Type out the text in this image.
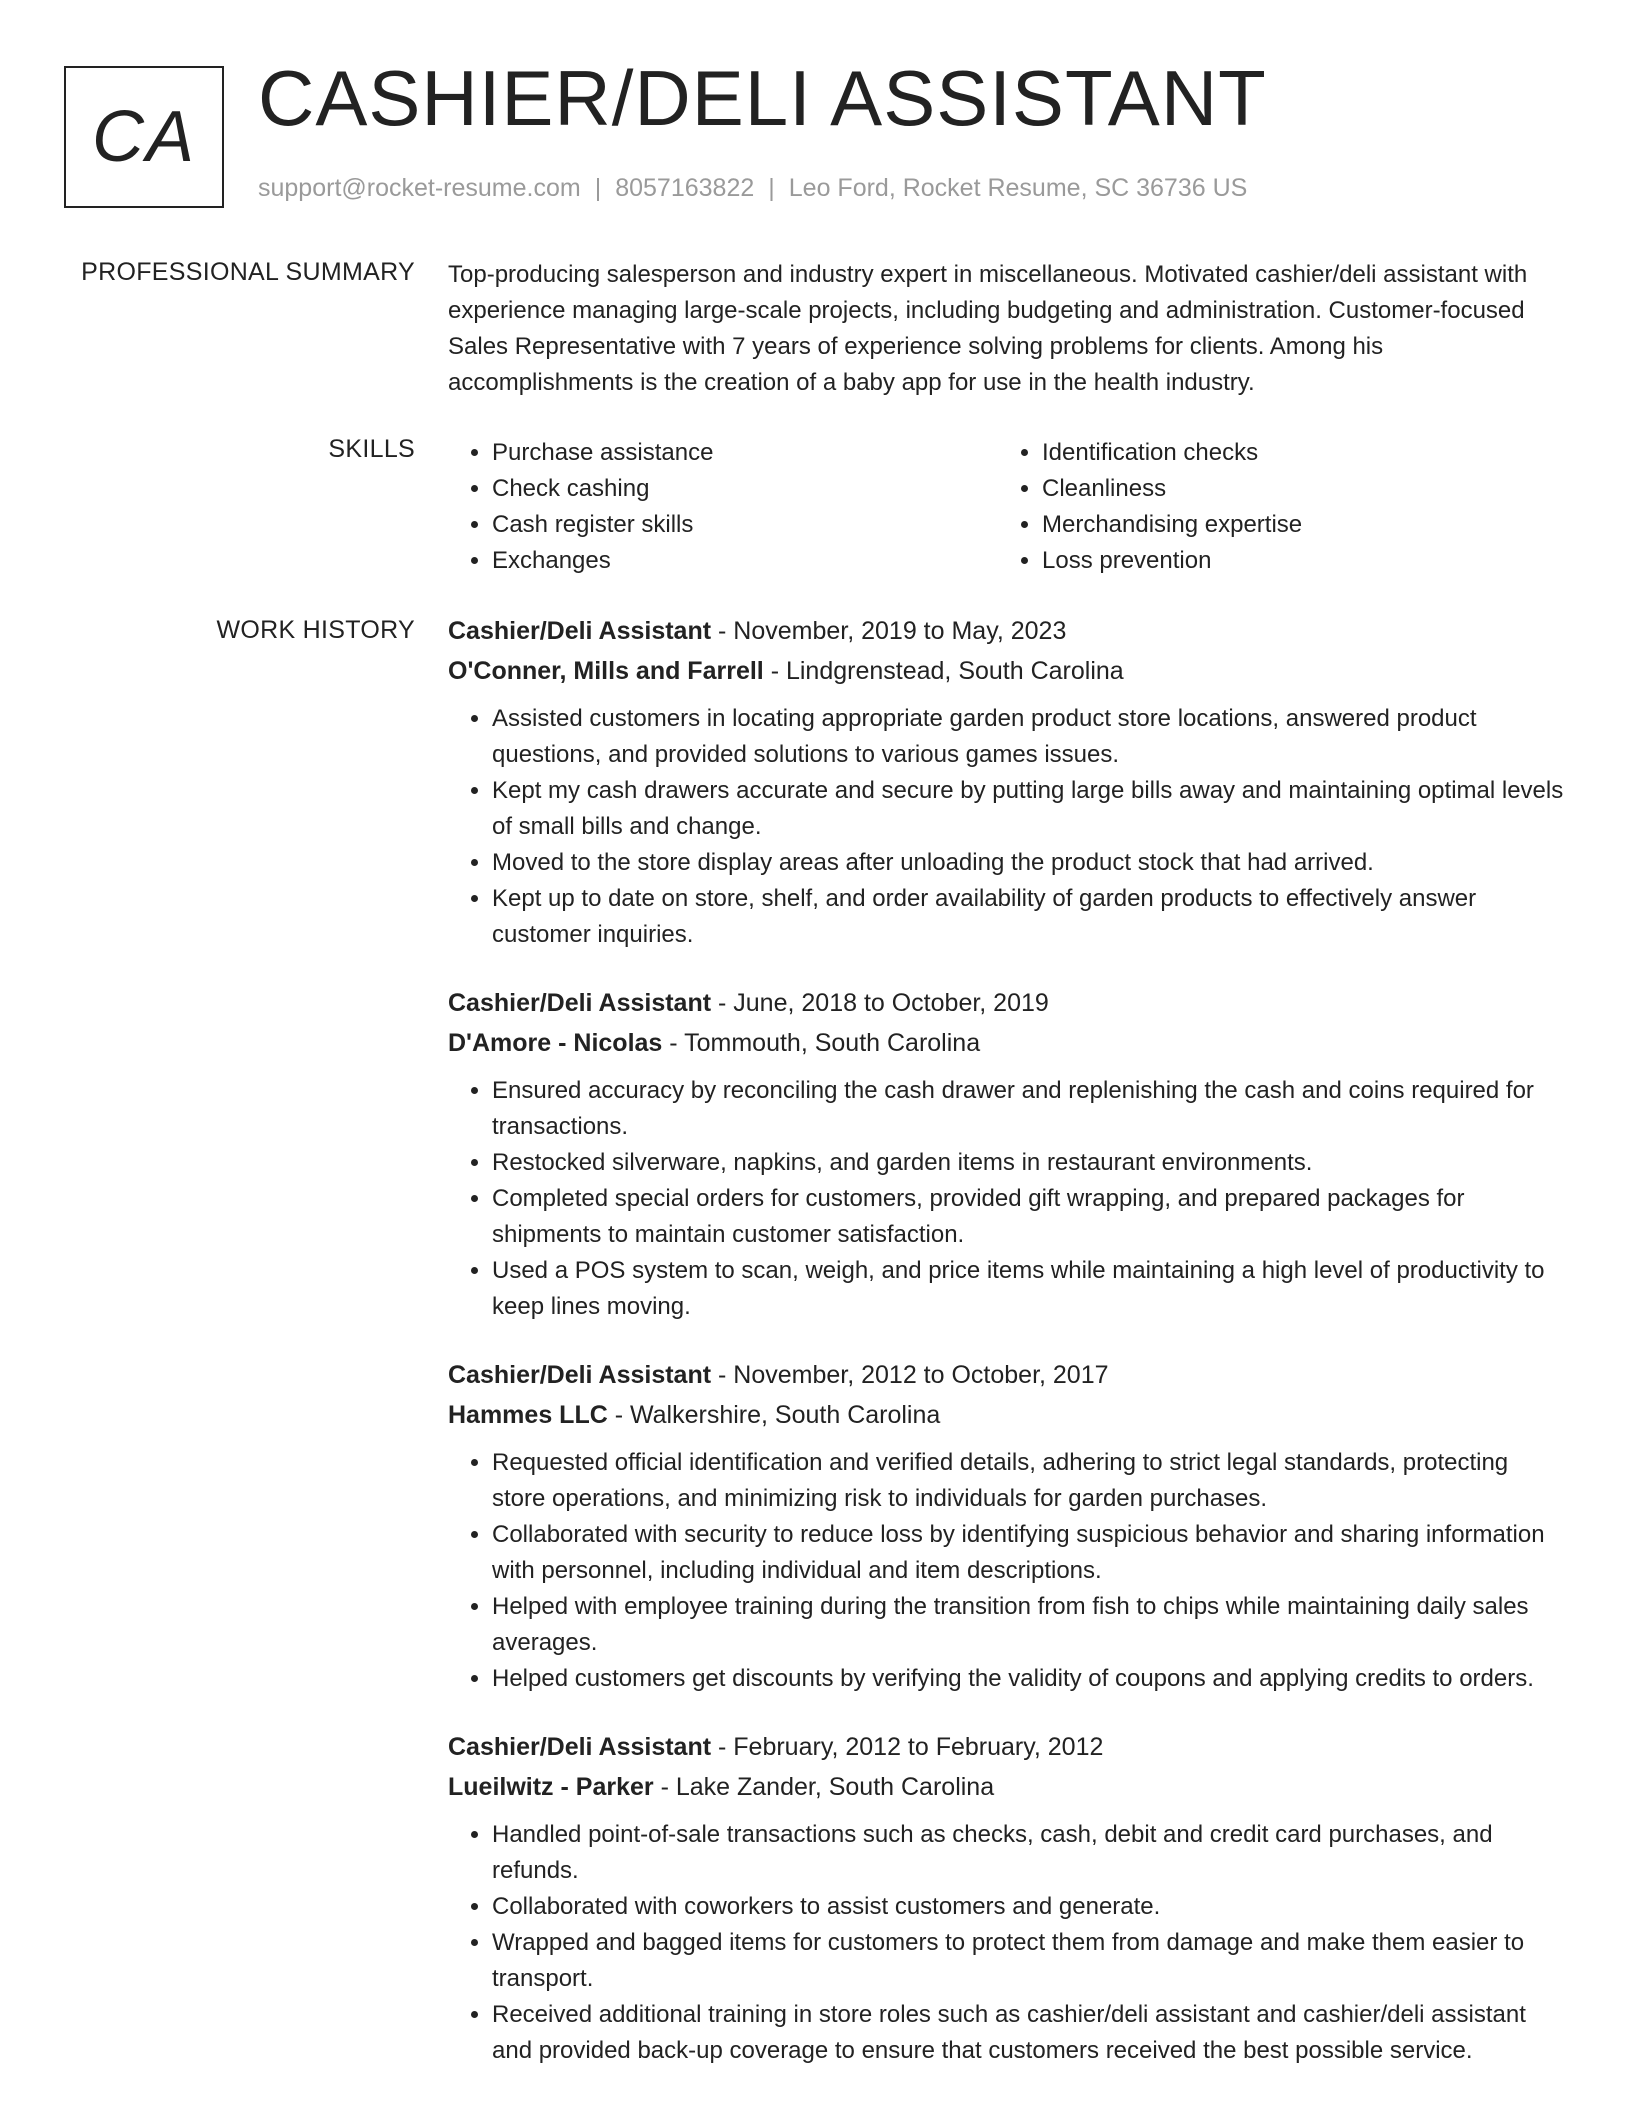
CA CASHIER/DELI ASSISTANT
support@rocket-resume.com | 8057163822 | Leo Ford, Rocket Resume, SC 36736 US
PROFESSIONAL SUMMARY Top-producing salesperson and industry expert in miscellaneous. Motivated cashier/deli assistant with experience managing large-scale projects, including budgeting and administration. Customer-focused Sales Representative with 7 years of experience solving problems for clients. Among his accomplishments is the creation of a baby app for use in the health industry.

SKILLS
•	Purchase assistance
• Check cashing
• Cash register skills
• Exchanges
• Identification checks
• Cleanliness
• Merchandising expertise
• Loss prevention
WORK HISTORY Cashier/Deli Assistant - November, 2019 to May, 2023
O'Conner, Mills and Farrell - Lindgrenstead, South Carolina
• Assisted customers in locating appropriate garden product store locations, answered product questions, and provided solutions to various games issues.
• Kept my cash drawers accurate and secure by putting large bills away and maintaining optimal levels of small bills and change.
• Moved to the store display areas after unloading the product stock that had arrived.
• Kept up to date on store, shelf, and order availability of garden products to effectively answer customer inquiries.
Cashier/Deli Assistant - June, 2018 to October, 2019
D'Amore - Nicolas - Tommouth, South Carolina
• Ensured accuracy by reconciling the cash drawer and replenishing the cash and coins required for transactions.
• Restocked silverware, napkins, and garden items in restaurant environments.
• Completed special orders for customers, provided gift wrapping, and prepared packages for shipments to maintain customer satisfaction.
• Used a POS system to scan, weigh, and price items while maintaining a high level of productivity to keep lines moving.
Cashier/Deli Assistant - November, 2012 to October, 2017
Hammes LLC - Walkershire, South Carolina
• Requested official identification and verified details, adhering to strict legal standards, protecting store operations, and minimizing risk to individuals for garden purchases.
• Collaborated with security to reduce loss by identifying suspicious behavior and sharing information with personnel, including individual and item descriptions.
• Helped with employee training during the transition from fish to chips while maintaining daily sales averages.
• Helped customers get discounts by verifying the validity of coupons and applying credits to orders.
Cashier/Deli Assistant - February, 2012 to February, 2012
Lueilwitz - Parker - Lake Zander, South Carolina
• Handled point-of-sale transactions such as checks, cash, debit and credit card purchases, and refunds.
• Collaborated with coworkers to assist customers and generate.
• Wrapped and bagged items for customers to protect them from damage and make them easier to transport.
• Received additional training in store roles such as cashier/deli assistant and cashier/deli assistant and provided back-up coverage to ensure that customers received the best possible service.
